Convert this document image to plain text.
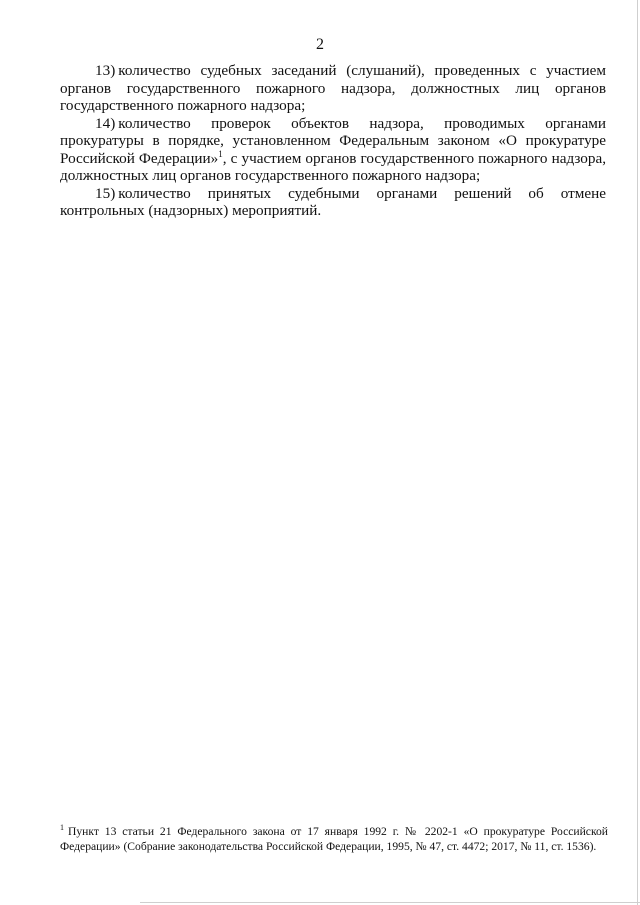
2

13) количество судебных заседаний (слушаний), проведенных с участием органов государственного пожарного надзора, должностных лиц органов государственного пожарного надзора;

14) количество проверок объектов надзора, проводимых органами прокуратуры в порядке, установленном Федеральным законом «О прокуратуре Российской Федерации»$^1$, с участием органов государственного пожарного надзора, должностных лиц органов государственного пожарного надзора;

15) количество принятых судебными органами решений об отмене контрольных (надзорных) мероприятий.

$^1$ Пункт 13 статьи 21 Федерального закона от 17 января 1992 г. № 2202-1 «О прокуратуре Российской Федерации» (Собрание законодательства Российской Федерации, 1995, № 47, ст. 4472; 2017, № 11, ст. 1536).
